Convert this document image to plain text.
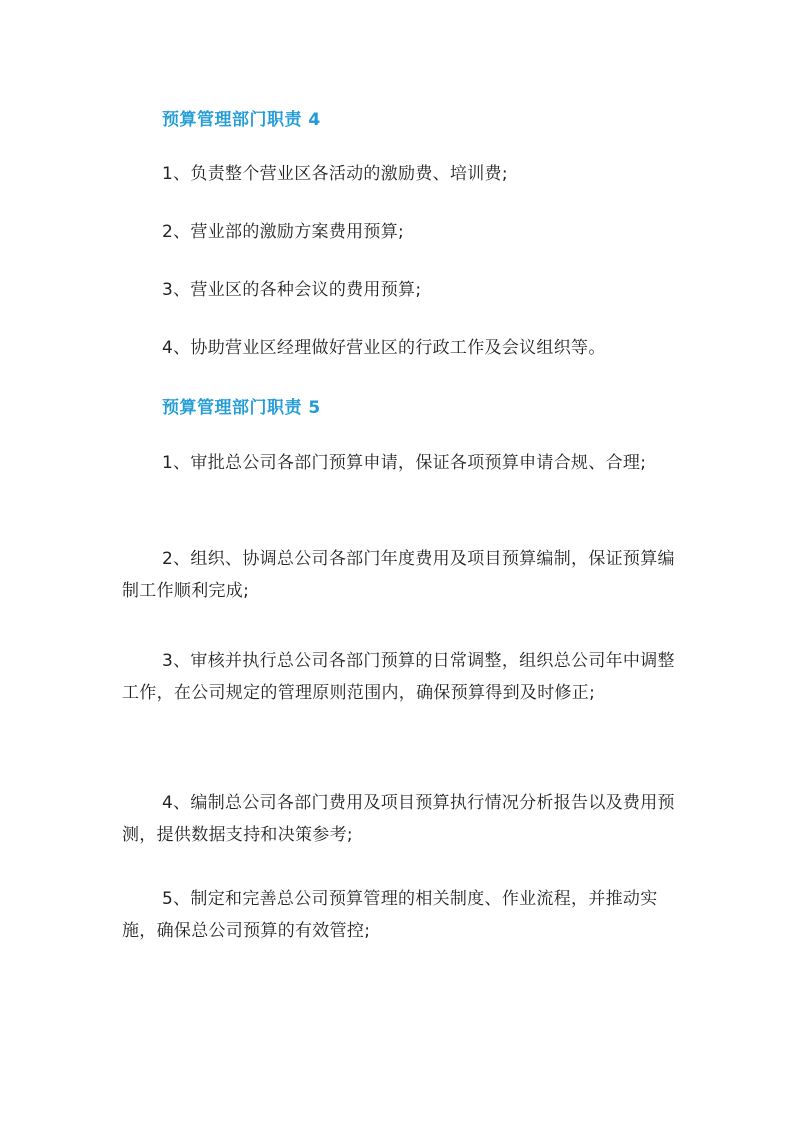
预算管理部门职责 4
1、负责整个营业区各活动的激励费、培训费;
2、营业部的激励方案费用预算;
3、营业区的各种会议的费用预算;
4、协助营业区经理做好营业区的行政工作及会议组织等。
预算管理部门职责 5
1、审批总公司各部门预算申请，保证各项预算申请合规、合理;
2、组织、协调总公司各部门年度费用及项目预算编制，保证预算编制工作顺利完成;
3、审核并执行总公司各部门预算的日常调整，组织总公司年中调整工作，在公司规定的管理原则范围内，确保预算得到及时修正;
4、编制总公司各部门费用及项目预算执行情况分析报告以及费用预测，提供数据支持和决策参考;
5、制定和完善总公司预算管理的相关制度、作业流程，并推动实施，确保总公司预算的有效管控;
